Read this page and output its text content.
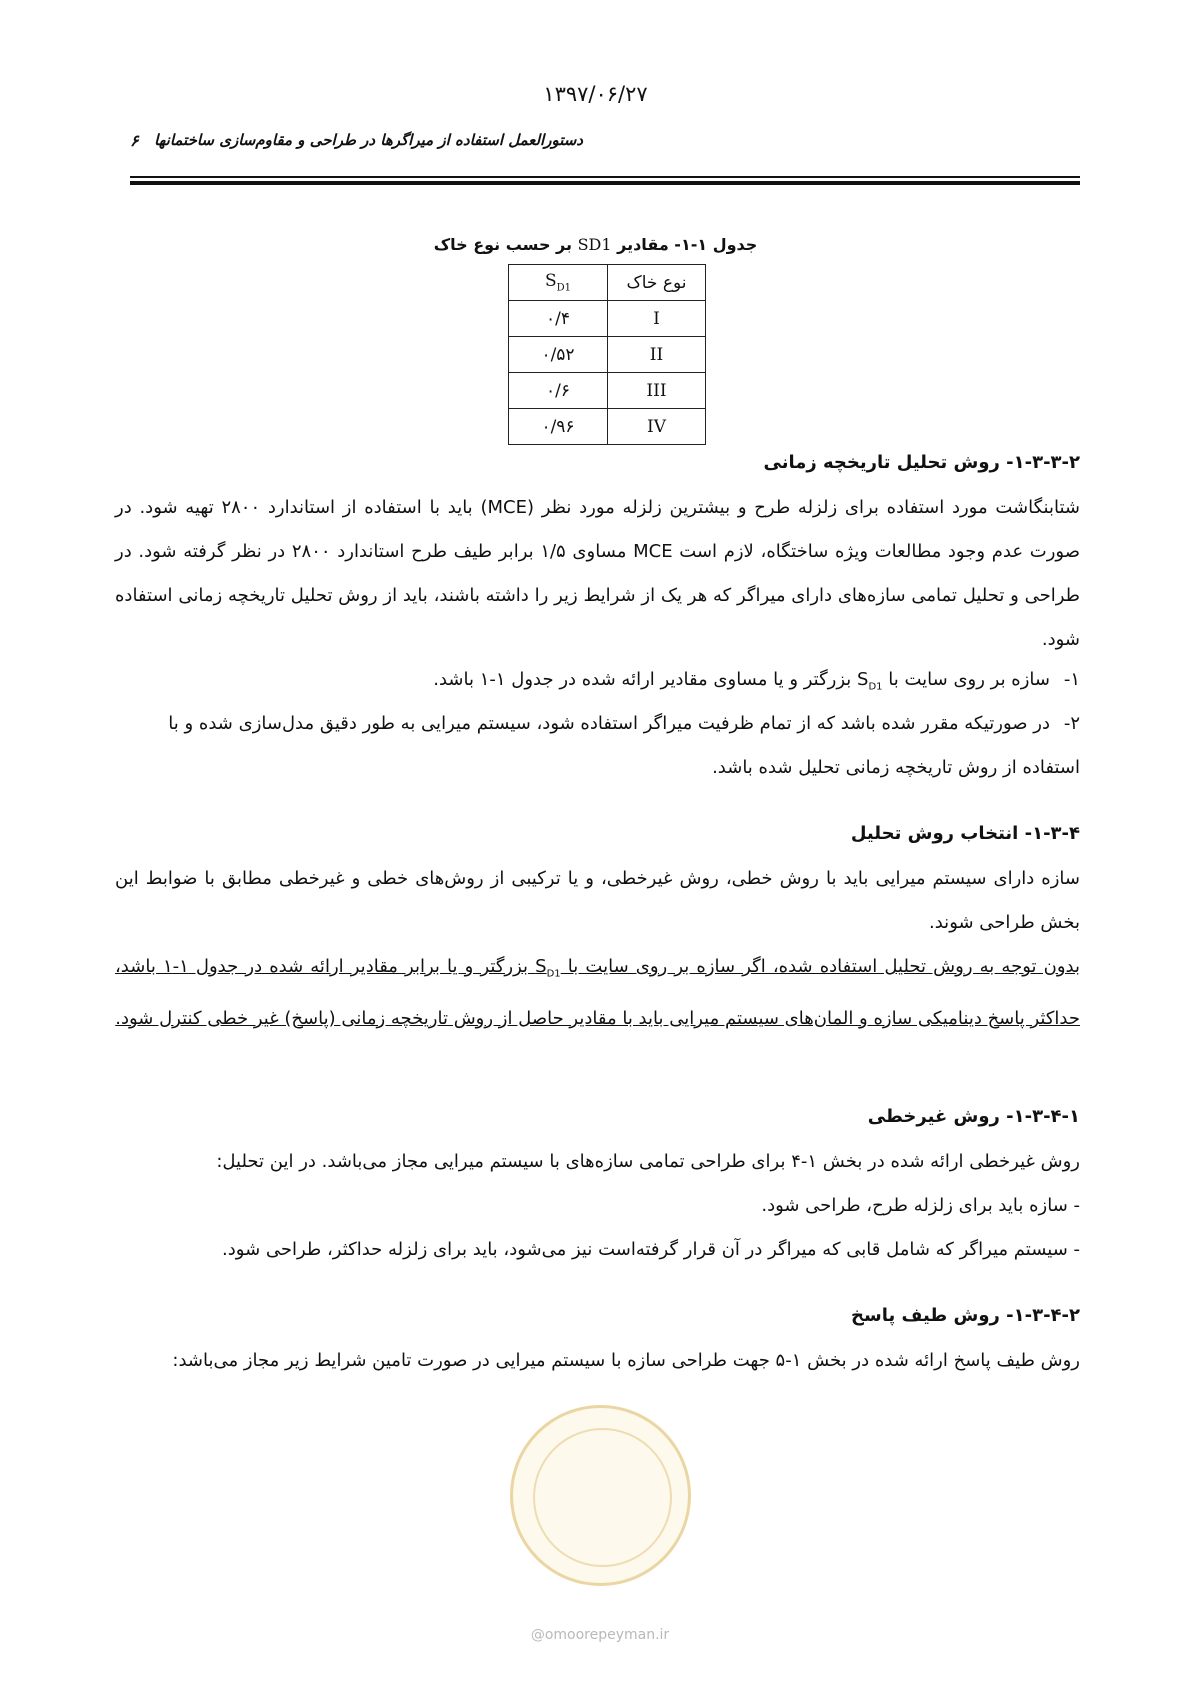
۱۳۹۷/۰۶/۲۷
دستورالعمل استفاده از میراگرها در طراحی و مقاوم‌سازی ساختمانها
۶
جدول ۱-۱- مقادیر SD1 بر حسب نوع خاک
نوع خاک	$S_{D1}$
I	۰/۴
II	۰/۵۲
III	۰/۶
IV	۰/۹۶
۱-۳-۳-۲- روش تحلیل تاریخچه زمانی
شتابنگاشت مورد استفاده برای زلزله طرح و بیشترین زلزله مورد نظر (MCE) باید با استفاده از استاندارد ۲۸۰۰ تهیه شود. در صورت عدم وجود مطالعات ویژه ساختگاه، لازم است MCE مساوی ۱/۵ برابر طیف طرح استاندارد ۲۸۰۰ در نظر گرفته شود. در طراحی و تحلیل تمامی سازه‌های دارای میراگر که هر یک از شرایط زیر را داشته باشند، باید از روش تحلیل تاریخچه زمانی استفاده شود.
۱-سازه بر روی سایت با $S_{D1}$ بزرگتر و یا مساوی مقادیر ارائه شده در جدول ۱-۱ باشد.
۲-در صورتیکه مقرر شده باشد که از تمام ظرفیت میراگر استفاده شود، سیستم میرایی به طور دقیق مدل‌سازی شده و با استفاده از روش تاریخچه زمانی تحلیل شده باشد.
۱-۳-۴- انتخاب روش تحلیل
سازه دارای سیستم میرایی باید با روش خطی، روش غیرخطی، و یا ترکیبی از روش‌های خطی و غیرخطی مطابق با ضوابط این بخش طراحی شوند.
بدون توجه به روش تحلیل استفاده شده، اگر سازه بر روی سایت با $S_{D1}$ بزرگتر و یا برابر مقادیر ارائه شده در جدول ۱-۱ باشد، حداکثر پاسخ دینامیکی سازه و المان‌های سیستم میرایی باید با مقادیر حاصل از روش تاریخچه زمانی (پاسخ) غیر خطی کنترل شود.
۱-۳-۴-۱- روش غیرخطی
روش غیرخطی ارائه شده در بخش ۱-۴ برای طراحی تمامی سازه‌های با سیستم میرایی مجاز می‌باشد. در این تحلیل:
- سازه باید برای زلزله طرح، طراحی شود.
- سیستم میراگر که شامل قابی که میراگر در آن قرار گرفته‌است نیز می‌شود، باید برای زلزله حداکثر، طراحی شود.
۱-۳-۴-۲- روش طیف پاسخ
روش طیف پاسخ ارائه شده در بخش ۱-۵ جهت طراحی سازه با سیستم میرایی در صورت تامین شرایط زیر مجاز می‌باشد:
@omoorepeyman.ir
